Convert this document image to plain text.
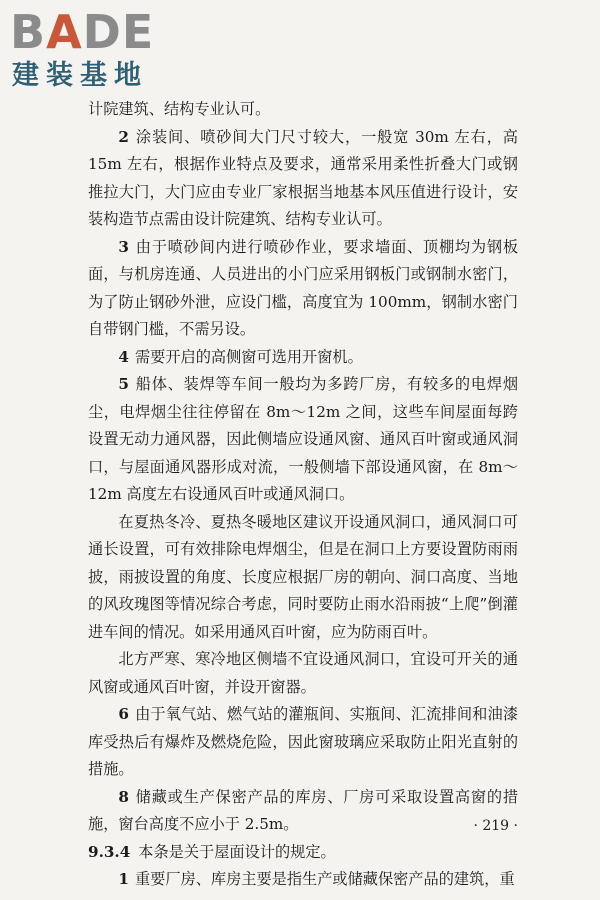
BADE
建装基地

计院建筑、结构专业认可。

2 涂装间、喷砂间大门尺寸较大，一般宽 30m 左右，高 15m 左右，根据作业特点及要求，通常采用柔性折叠大门或钢推拉大门，大门应由专业厂家根据当地基本风压值进行设计，安装构造节点需由设计院建筑、结构专业认可。

3 由于喷砂间内进行喷砂作业，要求墙面、顶棚均为钢板面，与机房连通、人员进出的小门应采用钢板门或钢制水密门，为了防止钢砂外泄，应设门槛，高度宜为 100mm，钢制水密门自带钢门槛，不需另设。

4 需要开启的高侧窗可选用开窗机。

5 船体、装焊等车间一般均为多跨厂房，有较多的电焊烟尘，电焊烟尘往往停留在 8m～12m 之间，这些车间屋面每跨设置无动力通风器，因此侧墙应设通风窗、通风百叶窗或通风洞口，与屋面通风器形成对流，一般侧墙下部设通风窗，在 8m～12m 高度左右设通风百叶或通风洞口。

在夏热冬冷、夏热冬暖地区建议开设通风洞口，通风洞口可通长设置，可有效排除电焊烟尘，但是在洞口上方要设置防雨雨披，雨披设置的角度、长度应根据厂房的朝向、洞口高度、当地的风玫瑰图等情况综合考虑，同时要防止雨水沿雨披“上爬”倒灌进车间的情况。如采用通风百叶窗，应为防雨百叶。

北方严寒、寒冷地区侧墙不宜设通风洞口，宜设可开关的通风窗或通风百叶窗，并设开窗器。

6 由于氧气站、燃气站的灌瓶间、实瓶间、汇流排间和油漆库受热后有爆炸及燃烧危险，因此窗玻璃应采取防止阳光直射的措施。

8 储藏或生产保密产品的库房、厂房可采取设置高窗的措施，窗台高度不应小于 2.5m。

9.3.4 本条是关于屋面设计的规定。

1 重要厂房、库房主要是指生产或储藏保密产品的建筑，重

· 219 ·
